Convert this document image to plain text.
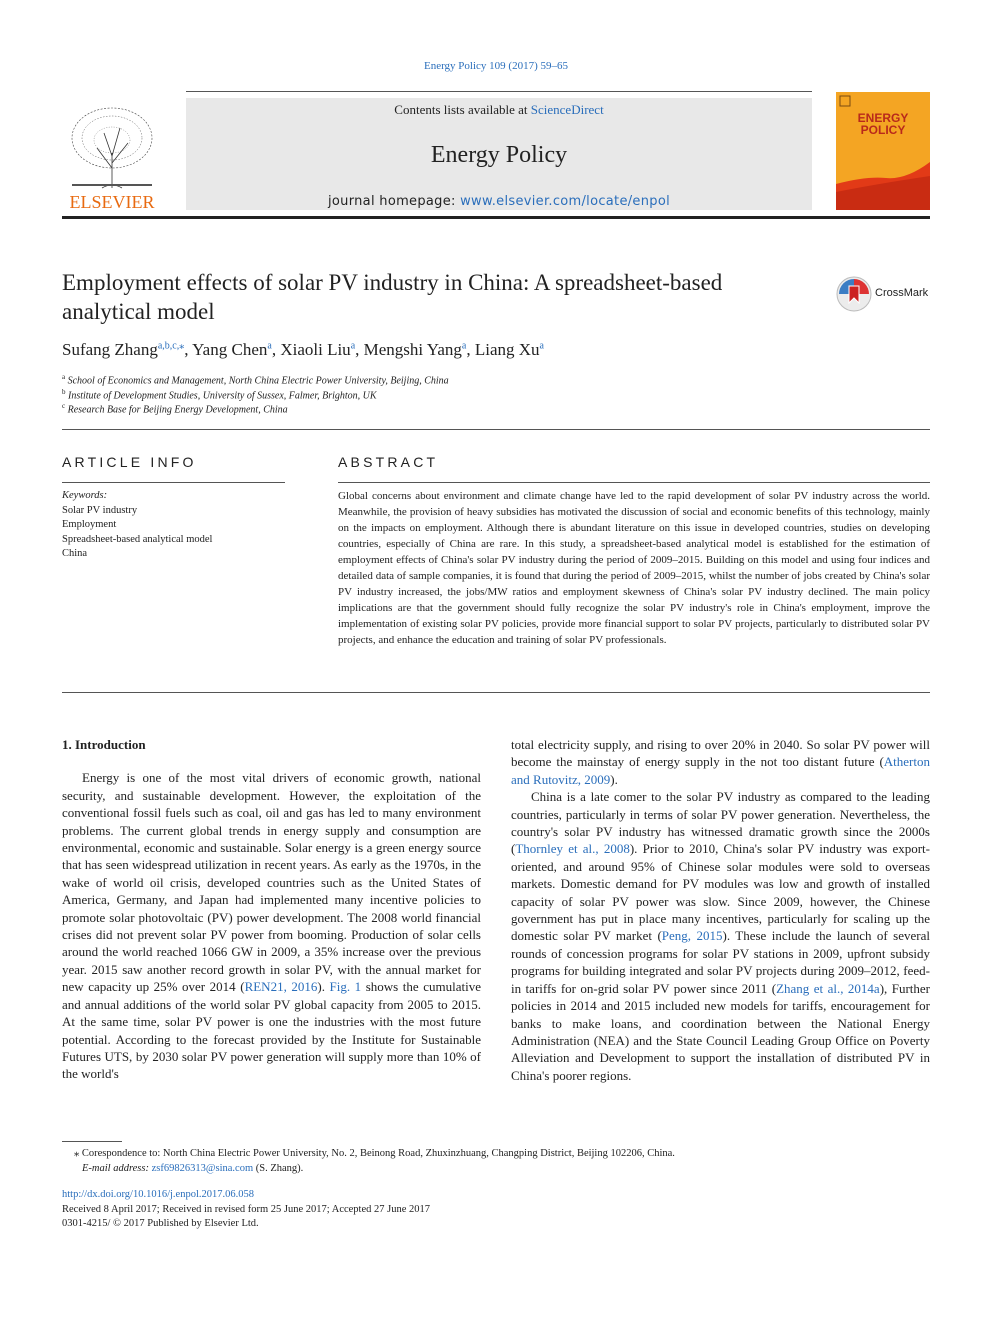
Energy Policy 109 (2017) 59–65
ELSEVIER
Contents lists available at ScienceDirect
Energy Policy
journal homepage: www.elsevier.com/locate/enpol
ENERGY
POLICY
Employment effects of solar PV industry in China: A spreadsheet-based analytical model
CrossMark
Sufang Zhang$^{a,b,c,⁎}$, Yang Chen$^a$, Xiaoli Liu$^a$, Mengshi Yang$^a$, Liang Xu$^a$
$^a$ School of Economics and Management, North China Electric Power University, Beijing, China
$^b$ Institute of Development Studies, University of Sussex, Falmer, Brighton, UK
$^c$ Research Base for Beijing Energy Development, China
ARTICLE INFO
Keywords:
Solar PV industry
Employment
Spreadsheet-based analytical model
China
ABSTRACT
Global concerns about environment and climate change have led to the rapid development of solar PV industry across the world. Meanwhile, the provision of heavy subsidies has motivated the discussion of social and economic benefits of this technology, mainly on the impacts on employment. Although there is abundant literature on this issue in developed countries, studies on developing countries, especially of China are rare. In this study, a spreadsheet-based analytical model is established for the estimation of employment effects of China's solar PV industry during the period of 2009–2015. Building on this model and using four indices and detailed data of sample companies, it is found that during the period of 2009–2015, whilst the number of jobs created by China's solar PV industry increased, the jobs/MW ratios and employment skewness of China's solar PV industry declined. The main policy implications are that the government should fully recognize the solar PV industry's role in China's employment, improve the implementation of existing solar PV policies, provide more financial support to solar PV projects, particularly to distributed solar PV projects, and enhance the education and training of solar PV professionals.
1. Introduction

Energy is one of the most vital drivers of economic growth, national security, and sustainable development. However, the exploitation of the conventional fossil fuels such as coal, oil and gas has led to many environment problems. The current global trends in energy supply and consumption are environmental, economic and sustainable. Solar energy is a green energy source that has seen widespread utilization in recent years. As early as the 1970s, in the wake of world oil crisis, developed countries such as the United States of America, Germany, and Japan had implemented many incentive policies to promote solar photovoltaic (PV) power development. The 2008 world financial crises did not prevent solar PV power from booming. Production of solar cells around the world reached 1066 GW in 2009, a 35% increase over the previous year. 2015 saw another record growth in solar PV, with the annual market for new capacity up 25% over 2014 (REN21, 2016). Fig. 1 shows the cumulative and annual additions of the world solar PV global capacity from 2005 to 2015. At the same time, solar PV power is one the industries with the most future potential. According to the forecast provided by the Institute for Sustainable Futures UTS, by 2030 solar PV power generation will supply more than 10% of the world's

total electricity supply, and rising to over 20% in 2040. So solar PV power will become the mainstay of energy supply in the not too distant future (Atherton and Rutovitz, 2009).

China is a late comer to the solar PV industry as compared to the leading countries, particularly in terms of solar PV power generation. Nevertheless, the country's solar PV industry has witnessed dramatic growth since the 2000s (Thornley et al., 2008). Prior to 2010, China's solar PV industry was export-oriented, and around 95% of Chinese solar modules were sold to overseas markets. Domestic demand for PV modules was low and growth of installed capacity of solar PV power was slow. Since 2009, however, the Chinese government has put in place many incentives, particularly for scaling up the domestic solar PV market (Peng, 2015). These include the launch of several rounds of concession programs for solar PV stations in 2009, upfront subsidy programs for building integrated and solar PV projects during 2009–2012, feed-in tariffs for on-grid solar PV power since 2011 (Zhang et al., 2014a), Further policies in 2014 and 2015 included new models for tariffs, encouragement for banks to make loans, and coordination between the National Energy Administration (NEA) and the State Council Leading Group Office on Poverty Alleviation and Development to support the installation of distributed PV in China's poorer regions.

⁎ Corespondence to: North China Electric Power University, No. 2, Beinong Road, Zhuxinzhuang, Changping District, Beijing 102206, China.
E-mail address: zsf69826313@sina.com (S. Zhang).
http://dx.doi.org/10.1016/j.enpol.2017.06.058
Received 8 April 2017; Received in revised form 25 June 2017; Accepted 27 June 2017
0301-4215/ © 2017 Published by Elsevier Ltd.
